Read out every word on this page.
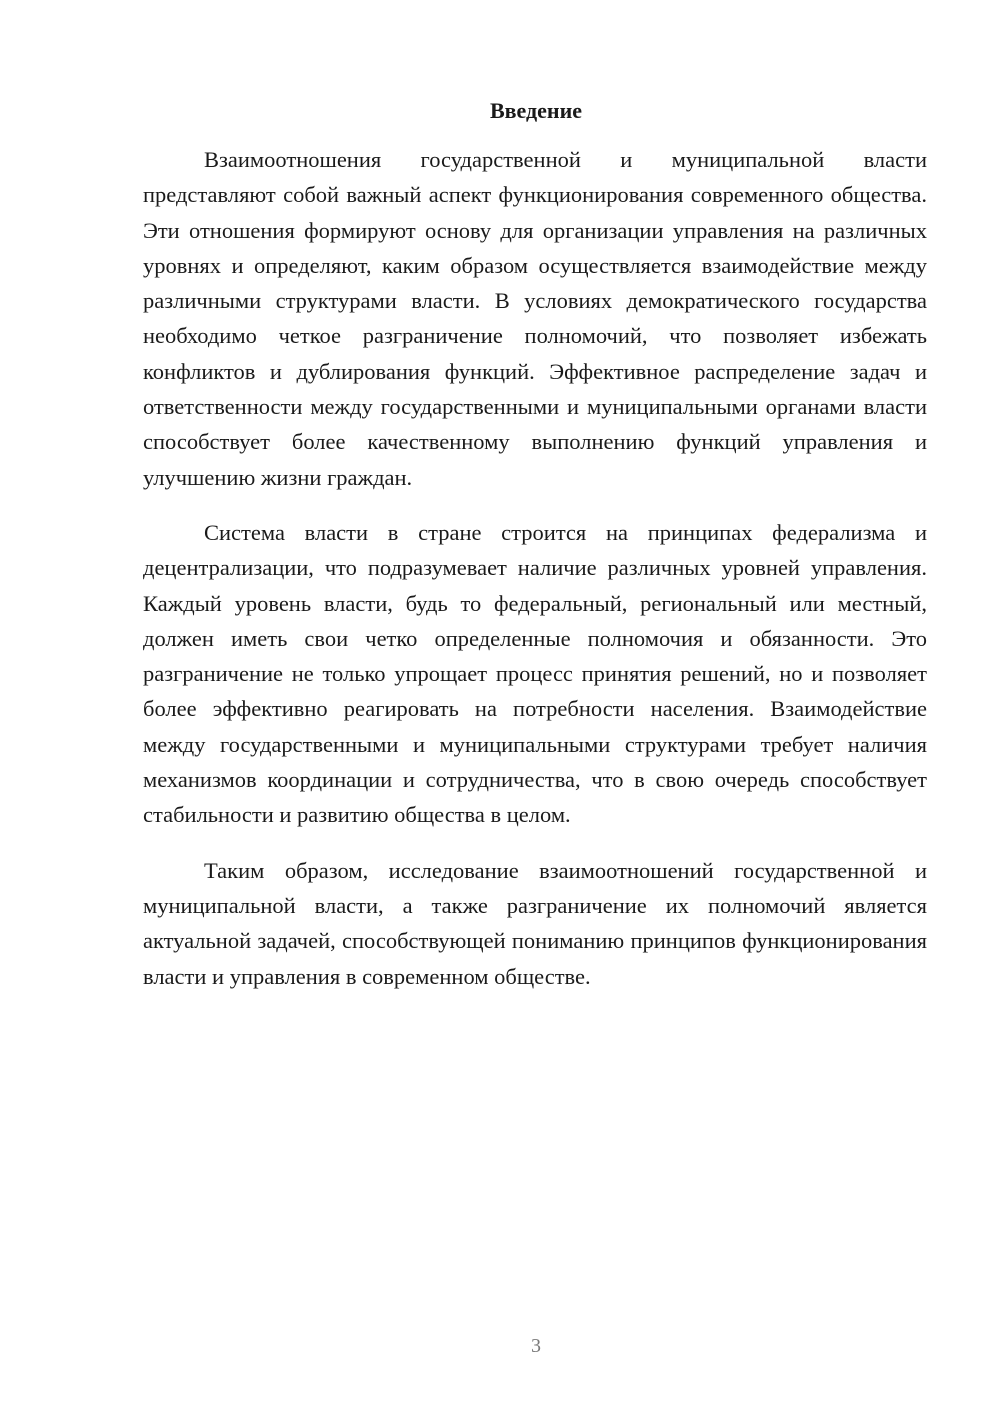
Введение

Взаимоотношения государственной и муниципальной власти представляют собой важный аспект функционирования современного общества. Эти отношения формируют основу для организации управления на различных уровнях и определяют, каким образом осуществляется взаимодействие между различными структурами власти. В условиях демократического государства необходимо четкое разграничение полномочий, что позволяет избежать конфликтов и дублирования функций. Эффективное распределение задач и ответственности между государственными и муниципальными органами власти способствует более качественному выполнению функций управления и улучшению жизни граждан.

Система власти в стране строится на принципах федерализма и децентрализации, что подразумевает наличие различных уровней управления. Каждый уровень власти, будь то федеральный, региональный или местный, должен иметь свои четко определенные полномочия и обязанности. Это разграничение не только упрощает процесс принятия решений, но и позволяет более эффективно реагировать на потребности населения. Взаимодействие между государственными и муниципальными структурами требует наличия механизмов координации и сотрудничества, что в свою очередь способствует стабильности и развитию общества в целом.

Таким образом, исследование взаимоотношений государственной и муниципальной власти, а также разграничение их полномочий является актуальной задачей, способствующей пониманию принципов функционирования власти и управления в современном обществе.

3
